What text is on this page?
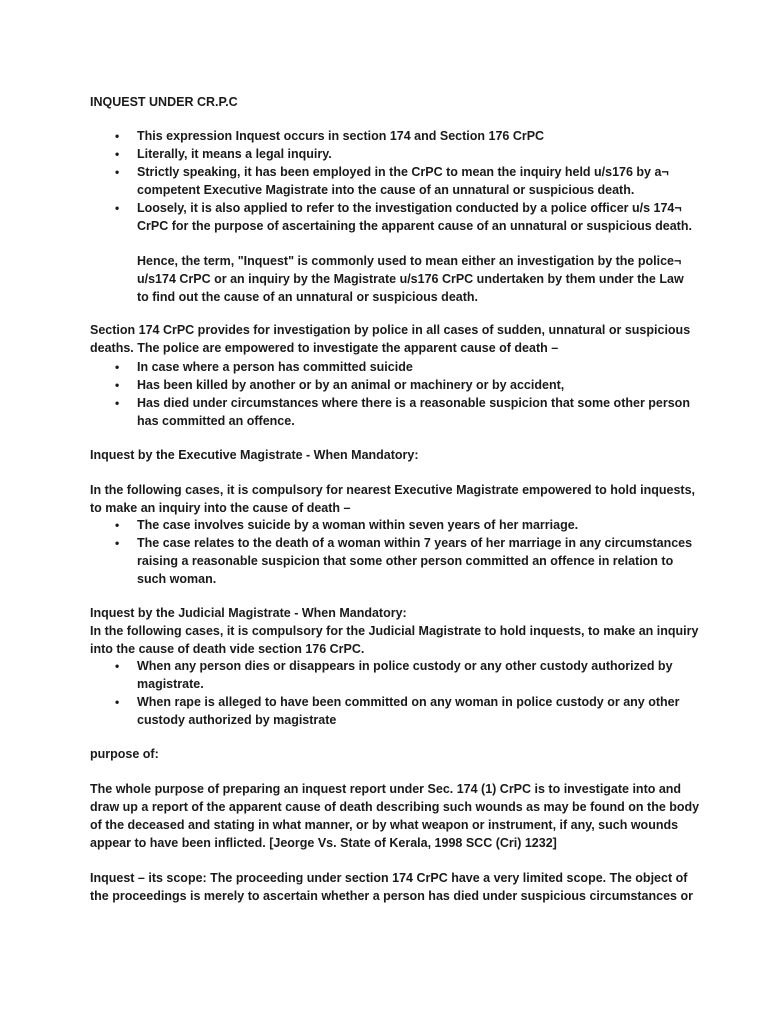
INQUEST UNDER CR.P.C
• This expression Inquest occurs in section 174 and Section 176 CrPC
• Literally, it means a legal inquiry.
• Strictly speaking, it has been employed in the CrPC to mean the inquiry held u/s176 by a¬
competent Executive Magistrate into the cause of an unnatural or suspicious death.
• Loosely, it is also applied to refer to the investigation conducted by a police officer u/s 174¬
CrPC for the purpose of ascertaining the apparent cause of an unnatural or suspicious death.
Hence, the term, "Inquest" is commonly used to mean either an investigation by the police¬
u/s174 CrPC or an inquiry by the Magistrate u/s176 CrPC undertaken by them under the Law
to find out the cause of an unnatural or suspicious death.
Section 174 CrPC provides for investigation by police in all cases of sudden, unnatural or suspicious
deaths. The police are empowered to investigate the apparent cause of death –
• In case where a person has committed suicide
• Has been killed by another or by an animal or machinery or by accident,
• Has died under circumstances where there is a reasonable suspicion that some other person
has committed an offence.
Inquest by the Executive Magistrate - When Mandatory:
In the following cases, it is compulsory for nearest Executive Magistrate empowered to hold inquests,
to make an inquiry into the cause of death –
• The case involves suicide by a woman within seven years of her marriage.
• The case relates to the death of a woman within 7 years of her marriage in any circumstances
raising a reasonable suspicion that some other person committed an offence in relation to
such woman.
Inquest by the Judicial Magistrate - When Mandatory:
In the following cases, it is compulsory for the Judicial Magistrate to hold inquests, to make an inquiry
into the cause of death vide section 176 CrPC.
• When any person dies or disappears in police custody or any other custody authorized by
magistrate.
• When rape is alleged to have been committed on any woman in police custody or any other
custody authorized by magistrate
purpose of:
The whole purpose of preparing an inquest report under Sec. 174 (1) CrPC is to investigate into and
draw up a report of the apparent cause of death describing such wounds as may be found on the body
of the deceased and stating in what manner, or by what weapon or instrument, if any, such wounds
appear to have been inflicted. [Jeorge Vs. State of Kerala, 1998 SCC (Cri) 1232]
Inquest – its scope: The proceeding under section 174 CrPC have a very limited scope. The object of
the proceedings is merely to ascertain whether a person has died under suspicious circumstances or
